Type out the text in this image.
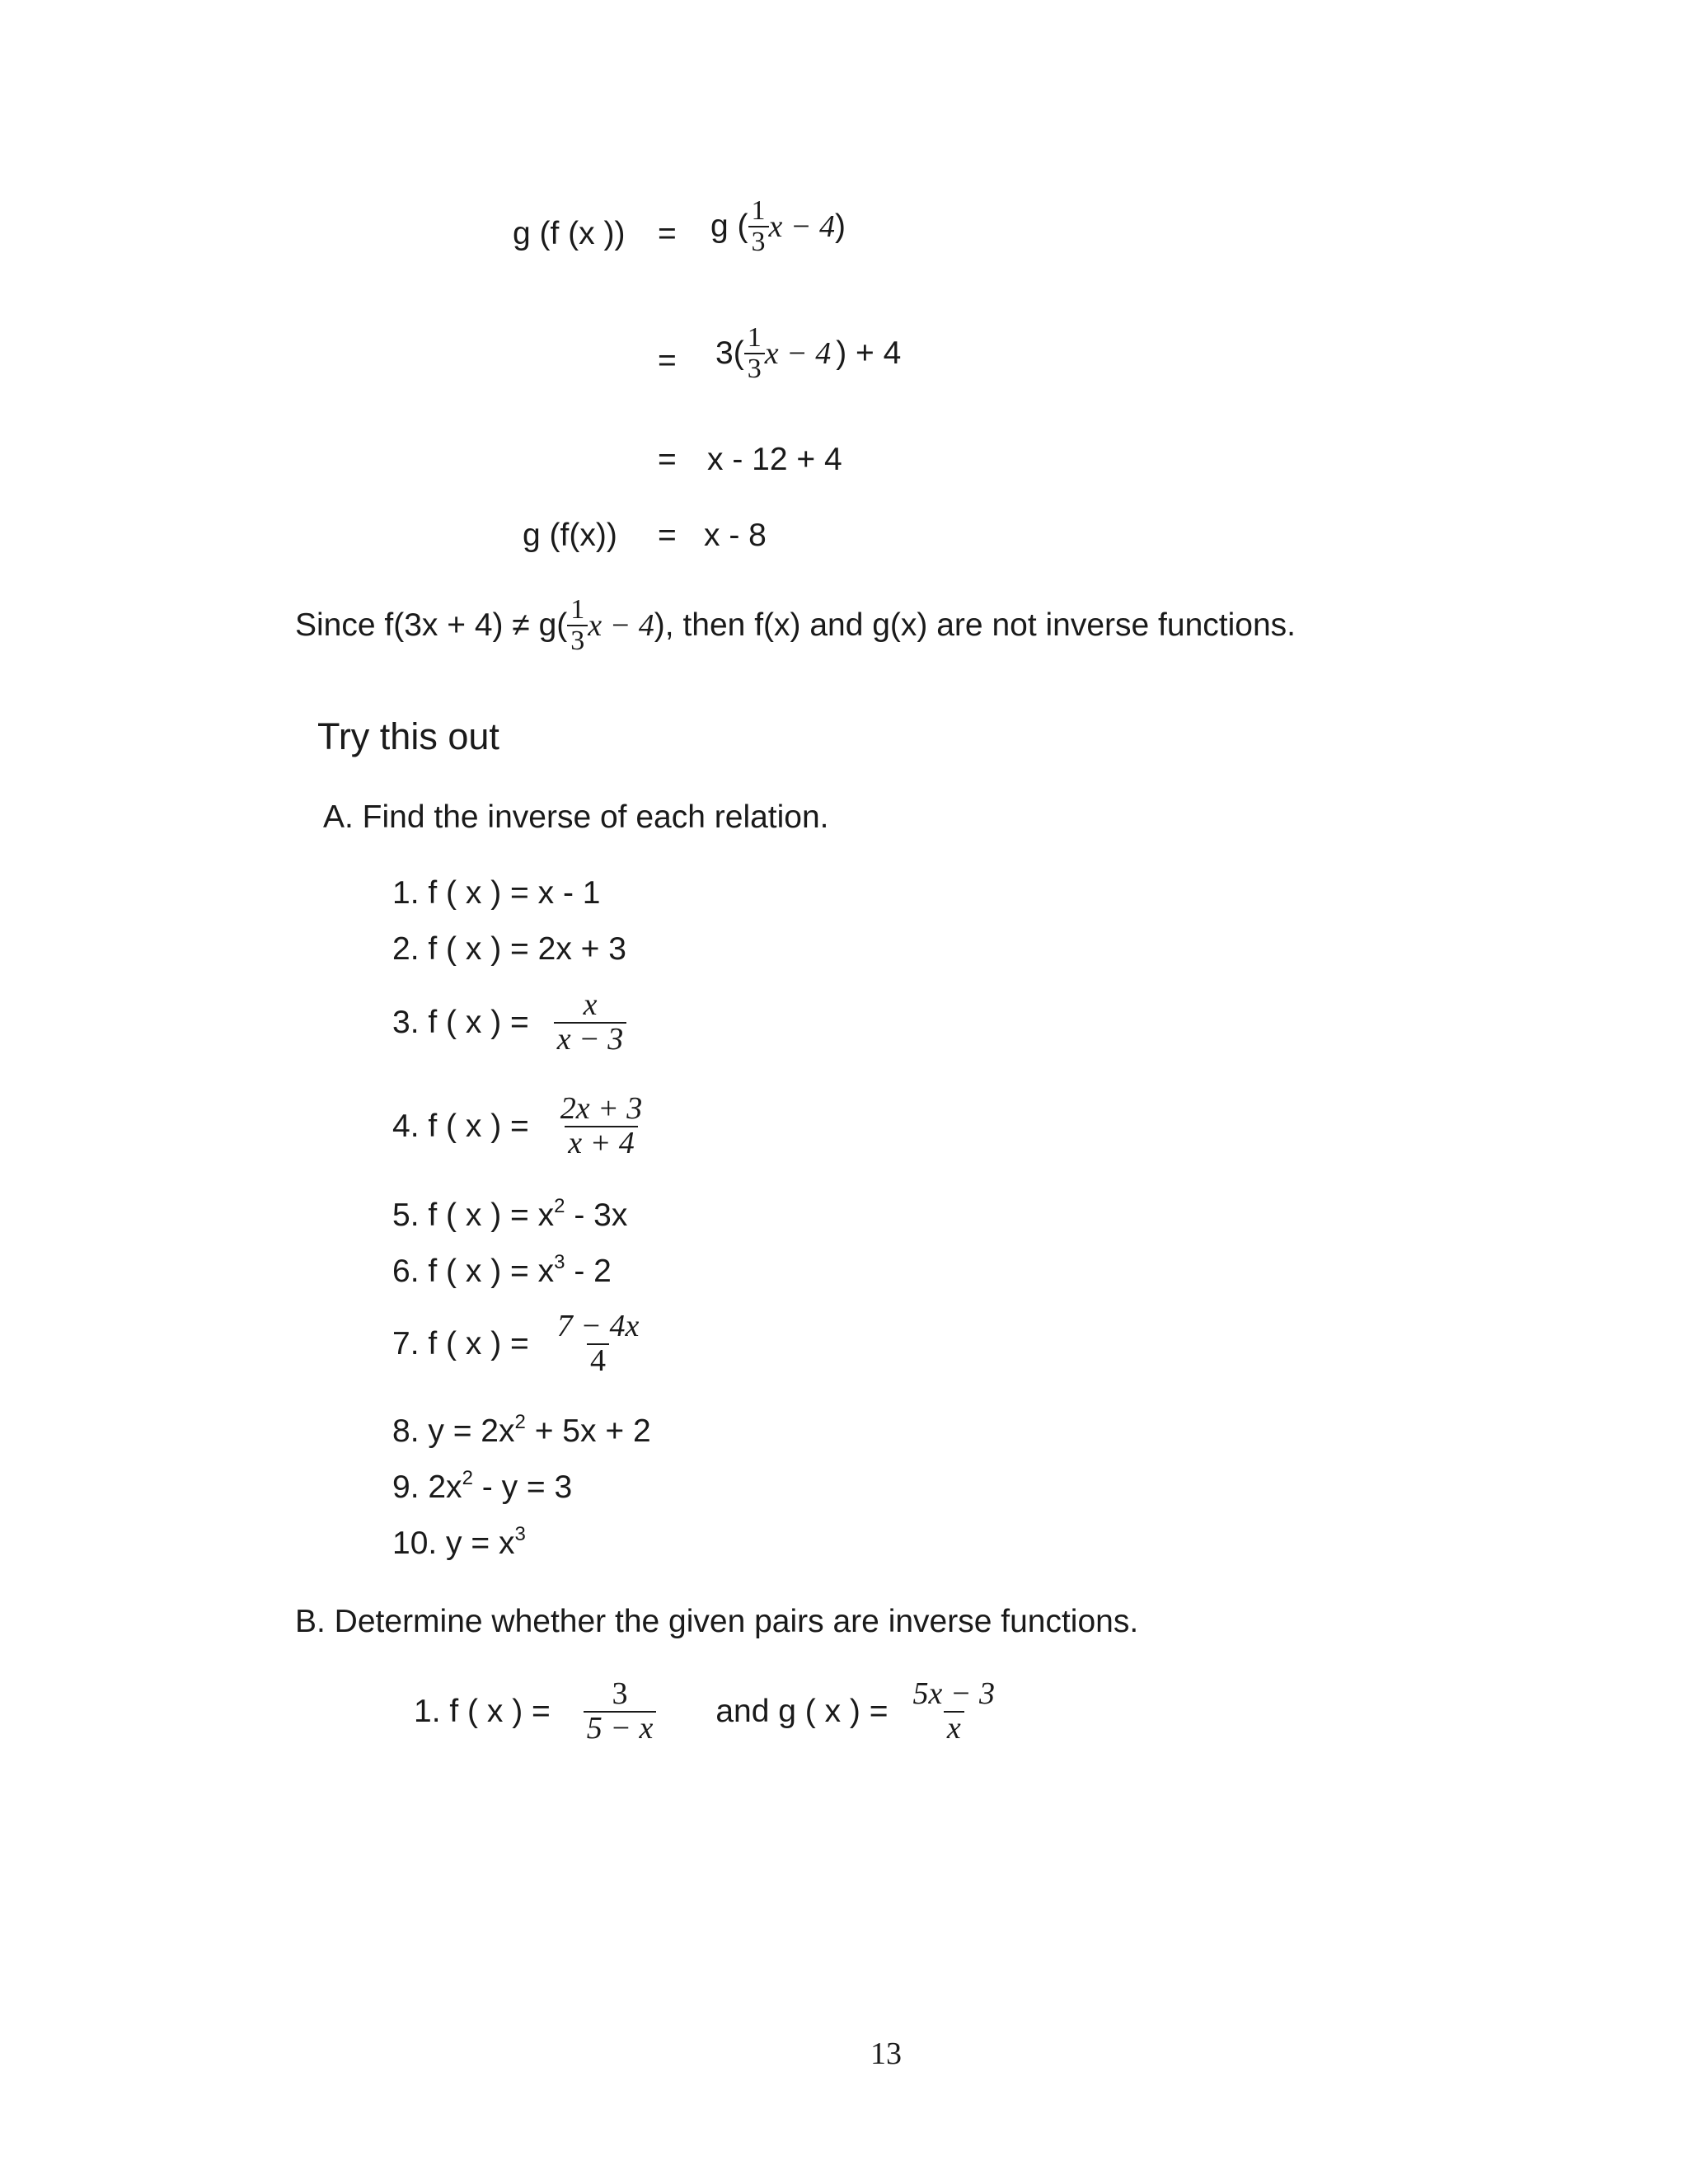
g (f (x )) = g ( $\frac{1}{3}$ x − 4 )
= $3( \frac{1}{3}$ x − 4 ) + 4
= x - 12 + 4
g (f(x)) = x - 8
Since $f(3x + 4) \ne g( \frac{1}{3}$ x − 4 ), then f(x) and g(x) are not inverse functions.
Try this out
A. Find the inverse of each relation.
1. f ( x ) = x - 1
2. f ( x ) = 2x + 3
3. f ( x ) = $\frac{x}{x - 3}$
4. f ( x ) = $\frac{2x + 3}{x + 4}$
5. f ( x ) = $x^2 - 3x$
6. f ( x ) = $x^3 - 2$
7. f ( x ) = $\frac{7 - 4x}{4}$
8. $y = 2x^2 + 5x + 2$
9. $2x^2 - y = 3$
10. $y = x^3$
B. Determine whether the given pairs are inverse functions.
1. f ( x ) = $\frac{3}{5 - x}$ and g ( x ) = $\frac{5x - 3}{x}$
13
